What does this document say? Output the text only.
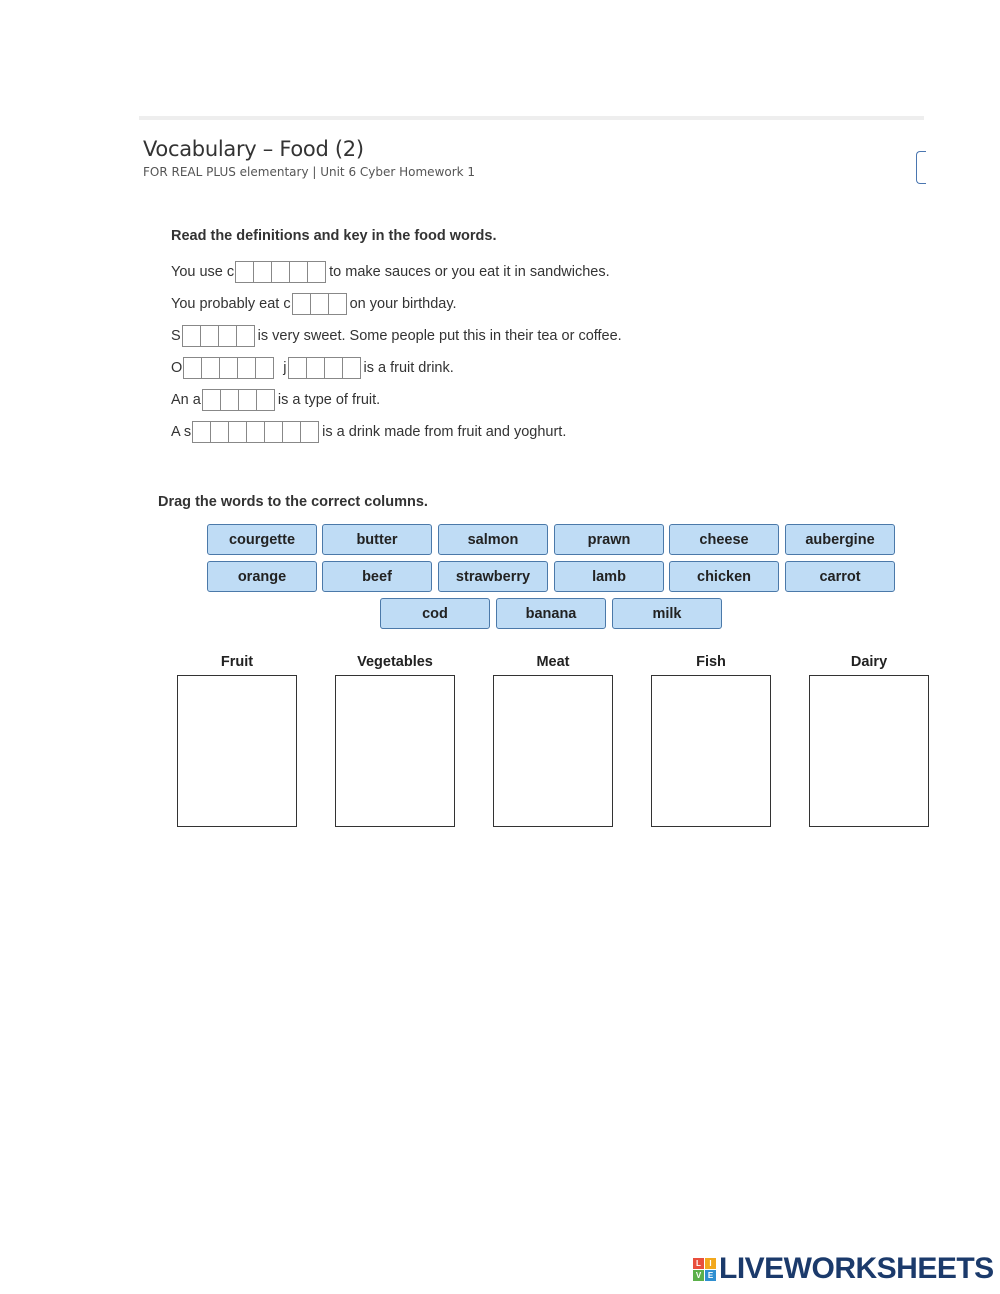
Vocabulary – Food (2)
FOR REAL PLUS elementary | Unit 6 Cyber Homework 1
Read the definitions and key in the food words.
You use c	to make sauces or you eat it in sandwiches.
You probably eat c	on your birthday.
S	is very sweet. Some people put this in their tea or coffee.
O	j	is a fruit drink.
An a	is a type of fruit.
A s	is a drink made from fruit and yoghurt.
Drag the words to the correct columns.
courgette	butter	salmon	prawn	cheese	aubergine
orange	beef	strawberry	lamb	chicken	carrot
cod	banana	milk
Fruit	Vegetables	Meat	Fish	Dairy
L	I
V E LIVEWORKSHEETS
